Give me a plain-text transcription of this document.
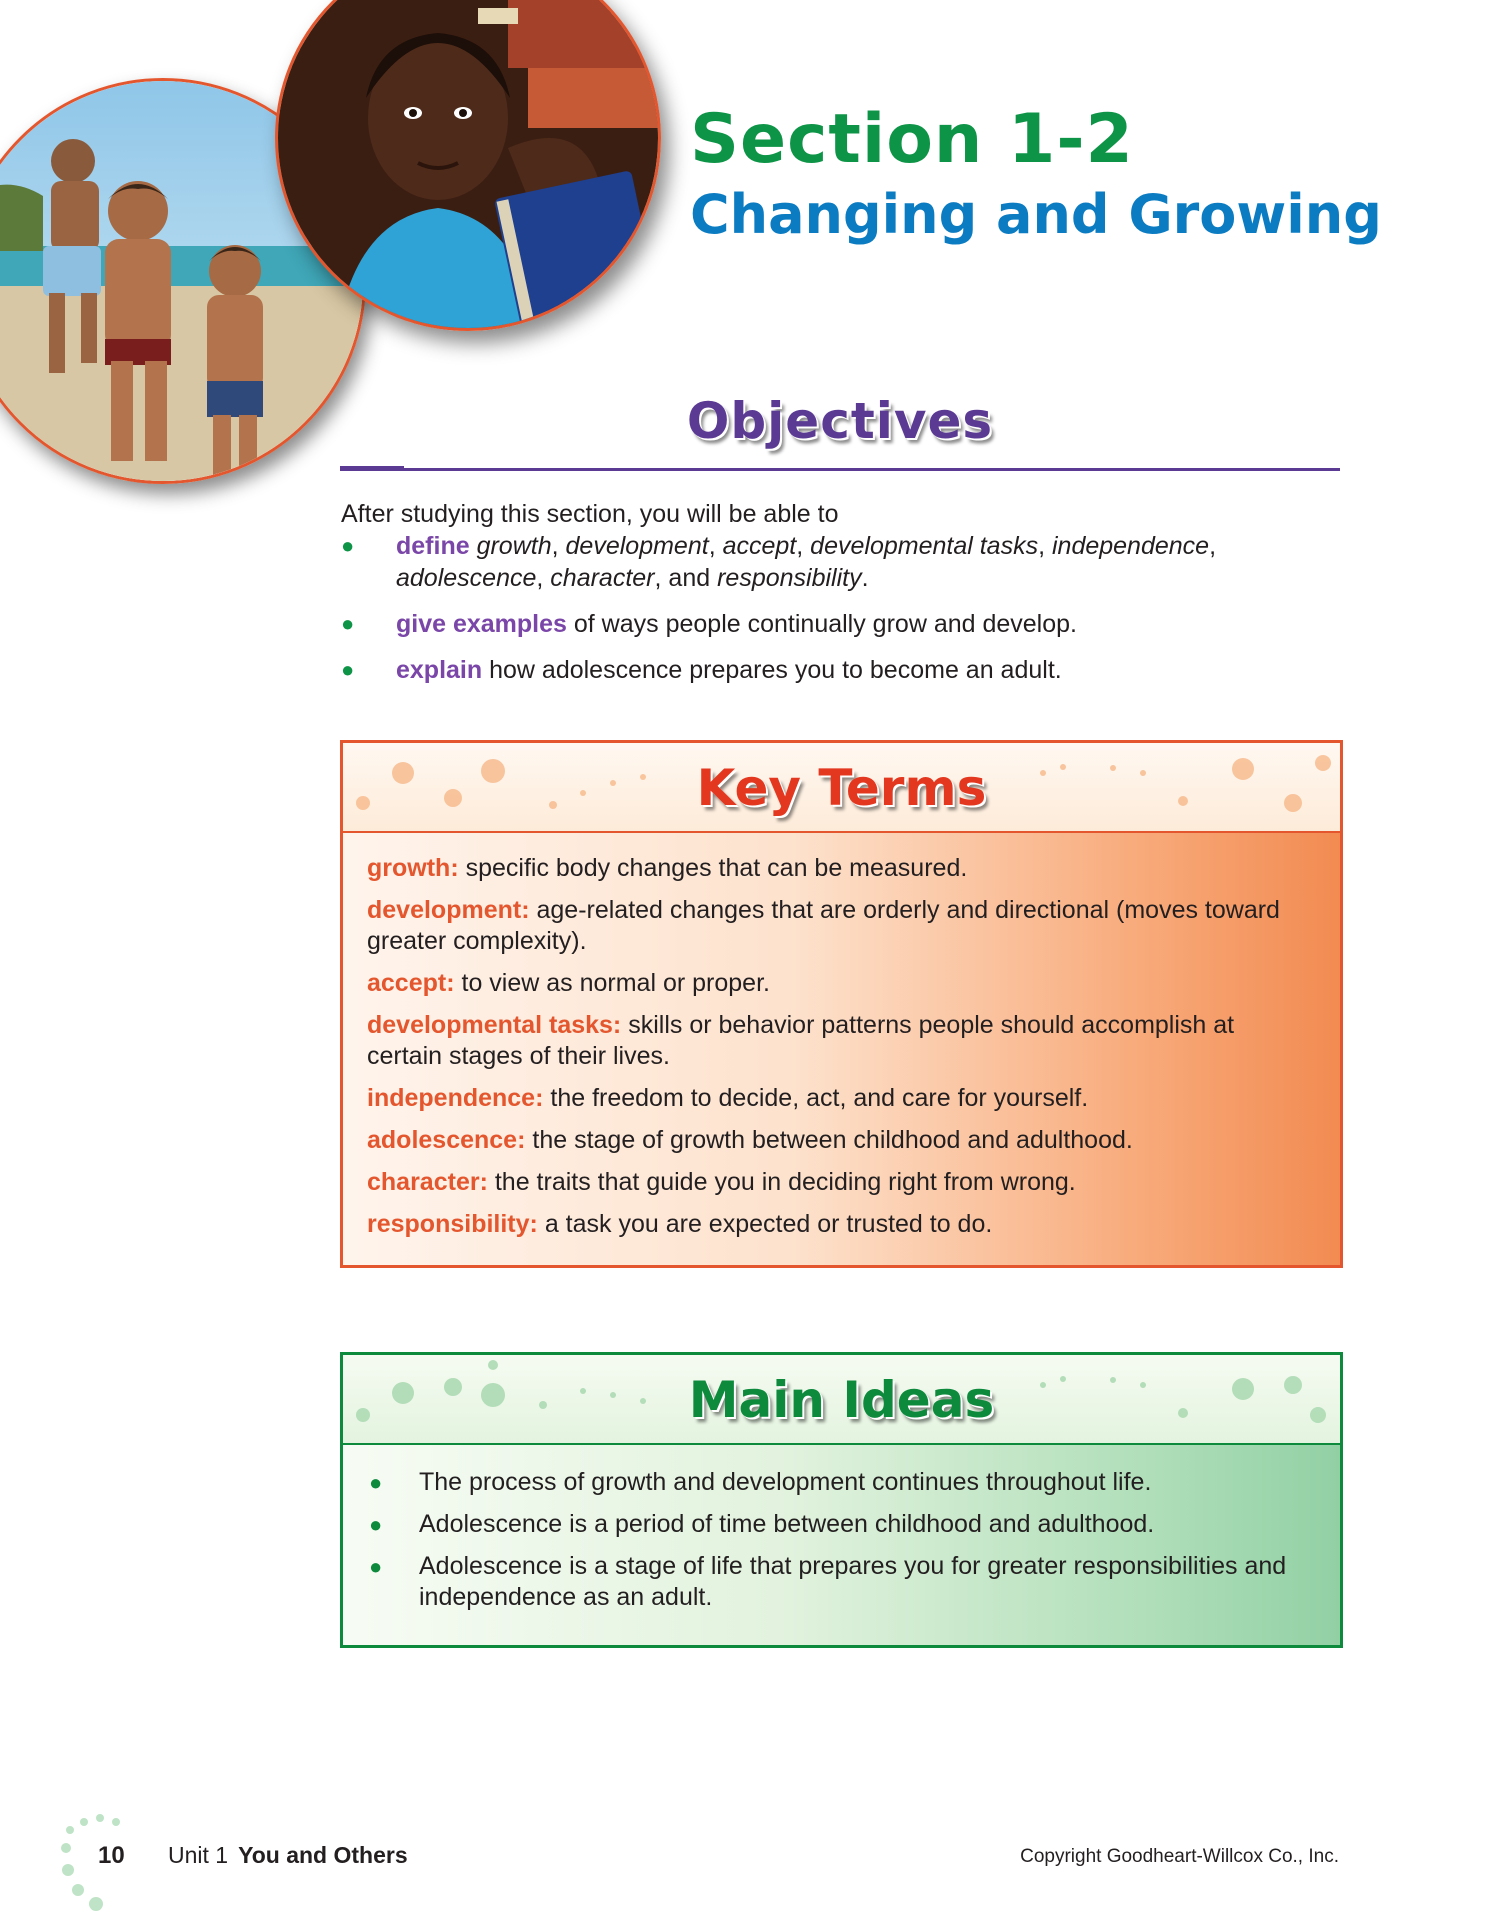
Section 1-2
Changing and Growing
Objectives
After studying this section, you will be able to
● define growth, development, accept, developmental tasks, independence, adolescence, character, and responsibility.
● give examples of ways people continually grow and develop.
● explain how adolescence prepares you to become an adult.
Key Terms
growth: specific body changes that can be measured.
development: age-related changes that are orderly and directional (moves toward greater complexity).
accept: to view as normal or proper.
developmental tasks: skills or behavior patterns people should accomplish at certain stages of their lives.
independence: the freedom to decide, act, and care for yourself.
adolescence: the stage of growth between childhood and adulthood.
character: the traits that guide you in deciding right from wrong.
responsibility: a task you are expected or trusted to do.
Main Ideas
● The process of growth and development continues throughout life.
● Adolescence is a period of time between childhood and adulthood.
● Adolescence is a stage of life that prepares you for greater responsibilities and independence as an adult.
10 Unit 1 You and Others	Copyright Goodheart-Willcox Co., Inc.
